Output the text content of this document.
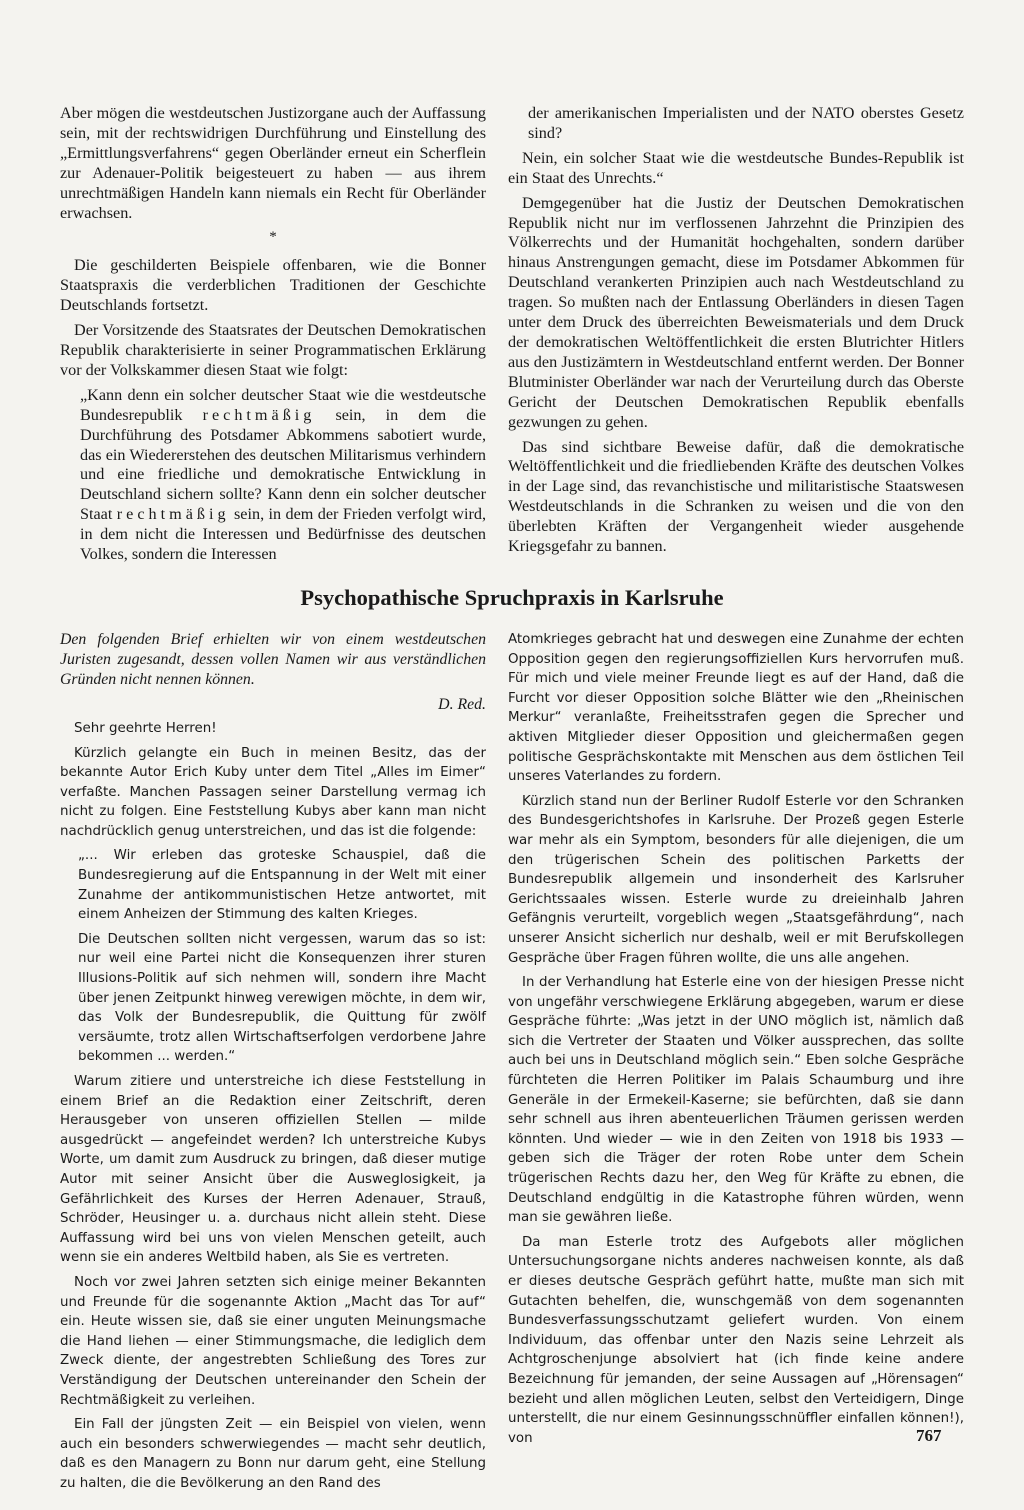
Aber mögen die westdeutschen Justizorgane auch der Auffassung sein, mit der rechtswidrigen Durchführung und Einstellung des „Ermittlungsverfahrens“ gegen Oberländer erneut ein Scherflein zur Adenauer-Politik beigesteuert zu haben — aus ihrem unrechtmäßigen Handeln kann niemals ein Recht für Oberländer erwachsen.

*

Die geschilderten Beispiele offenbaren, wie die Bonner Staatspraxis die verderblichen Traditionen der Geschichte Deutschlands fortsetzt.

Der Vorsitzende des Staatsrates der Deutschen Demokratischen Republik charakterisierte in seiner Programmatischen Erklärung vor der Volkskammer diesen Staat wie folgt:

„Kann denn ein solcher deutscher Staat wie die westdeutsche Bundesrepublik rechtmäßig sein, in dem die Durchführung des Potsdamer Abkommens sabotiert wurde, das ein Wiedererstehen des deutschen Militarismus verhindern und eine friedliche und demokratische Entwicklung in Deutschland sichern sollte? Kann denn ein solcher deutscher Staat rechtmäßig sein, in dem der Frieden verfolgt wird, in dem nicht die Interessen und Bedürfnisse des deutschen Volkes, sondern die Interessen

der amerikanischen Imperialisten und der NATO oberstes Gesetz sind?

Nein, ein solcher Staat wie die westdeutsche Bundes-Republik ist ein Staat des Unrechts.“

Demgegenüber hat die Justiz der Deutschen Demokratischen Republik nicht nur im verflossenen Jahrzehnt die Prinzipien des Völkerrechts und der Humanität hochgehalten, sondern darüber hinaus Anstrengungen gemacht, diese im Potsdamer Abkommen für Deutschland verankerten Prinzipien auch nach Westdeutschland zu tragen. So mußten nach der Entlassung Oberländers in diesen Tagen unter dem Druck des überreichten Beweismaterials und dem Druck der demokratischen Weltöffentlichkeit die ersten Blutrichter Hitlers aus den Justizämtern in Westdeutschland entfernt werden. Der Bonner Blutminister Oberländer war nach der Verurteilung durch das Oberste Gericht der Deutschen Demokratischen Republik ebenfalls gezwungen zu gehen.

Das sind sichtbare Beweise dafür, daß die demokratische Weltöffentlichkeit und die friedliebenden Kräfte des deutschen Volkes in der Lage sind, das revanchistische und militaristische Staatswesen Westdeutschlands in die Schranken zu weisen und die von den überlebten Kräften der Vergangenheit wieder ausgehende Kriegsgefahr zu bannen.

Psychopathische Spruchpraxis in Karlsruhe

Den folgenden Brief erhielten wir von einem westdeutschen Juristen zugesandt, dessen vollen Namen wir aus verständlichen Gründen nicht nennen können.

D. Red.

Sehr geehrte Herren!

Kürzlich gelangte ein Buch in meinen Besitz, das der bekannte Autor Erich Kuby unter dem Titel „Alles im Eimer“ verfaßte. Manchen Passagen seiner Darstellung vermag ich nicht zu folgen. Eine Feststellung Kubys aber kann man nicht nachdrücklich genug unterstreichen, und das ist die folgende:

„... Wir erleben das groteske Schauspiel, daß die Bundesregierung auf die Entspannung in der Welt mit einer Zunahme der antikommunistischen Hetze antwortet, mit einem Anheizen der Stimmung des kalten Krieges.

Die Deutschen sollten nicht vergessen, warum das so ist: nur weil eine Partei nicht die Konsequenzen ihrer sturen Illusions-Politik auf sich nehmen will, sondern ihre Macht über jenen Zeitpunkt hinweg verewigen möchte, in dem wir, das Volk der Bundesrepublik, die Quittung für zwölf versäumte, trotz allen Wirtschaftserfolgen verdorbene Jahre bekommen ... werden.“

Warum zitiere und unterstreiche ich diese Feststellung in einem Brief an die Redaktion einer Zeitschrift, deren Herausgeber von unseren offiziellen Stellen — milde ausgedrückt — angefeindet werden? Ich unterstreiche Kubys Worte, um damit zum Ausdruck zu bringen, daß dieser mutige Autor mit seiner Ansicht über die Ausweglosigkeit, ja Gefährlichkeit des Kurses der Herren Adenauer, Strauß, Schröder, Heusinger u. a. durchaus nicht allein steht. Diese Auffassung wird bei uns von vielen Menschen geteilt, auch wenn sie ein anderes Weltbild haben, als Sie es vertreten.

Noch vor zwei Jahren setzten sich einige meiner Bekannten und Freunde für die sogenannte Aktion „Macht das Tor auf“ ein. Heute wissen sie, daß sie einer unguten Meinungsmache die Hand liehen — einer Stimmungsmache, die lediglich dem Zweck diente, der angestrebten Schließung des Tores zur Verständigung der Deutschen untereinander den Schein der Rechtmäßigkeit zu verleihen.

Ein Fall der jüngsten Zeit — ein Beispiel von vielen, wenn auch ein besonders schwerwiegendes — macht sehr deutlich, daß es den Managern zu Bonn nur darum geht, eine Stellung zu halten, die die Bevölkerung an den Rand des

Atomkrieges gebracht hat und deswegen eine Zunahme der echten Opposition gegen den regierungsoffiziellen Kurs hervorrufen muß. Für mich und viele meiner Freunde liegt es auf der Hand, daß die Furcht vor dieser Opposition solche Blätter wie den „Rheinischen Merkur“ veranlaßte, Freiheitsstrafen gegen die Sprecher und aktiven Mitglieder dieser Opposition und gleichermaßen gegen politische Gesprächskontakte mit Menschen aus dem östlichen Teil unseres Vaterlandes zu fordern.

Kürzlich stand nun der Berliner Rudolf Esterle vor den Schranken des Bundesgerichtshofes in Karlsruhe. Der Prozeß gegen Esterle war mehr als ein Symptom, besonders für alle diejenigen, die um den trügerischen Schein des politischen Parketts der Bundesrepublik allgemein und insonderheit des Karlsruher Gerichtssaales wissen. Esterle wurde zu dreieinhalb Jahren Gefängnis verurteilt, vorgeblich wegen „Staatsgefährdung“, nach unserer Ansicht sicherlich nur deshalb, weil er mit Berufskollegen Gespräche über Fragen führen wollte, die uns alle angehen.

In der Verhandlung hat Esterle eine von der hiesigen Presse nicht von ungefähr verschwiegene Erklärung abgegeben, warum er diese Gespräche führte: „Was jetzt in der UNO möglich ist, nämlich daß sich die Vertreter der Staaten und Völker aussprechen, das sollte auch bei uns in Deutschland möglich sein.“ Eben solche Gespräche fürchteten die Herren Politiker im Palais Schaumburg und ihre Generäle in der Ermekeil-Kaserne; sie befürchten, daß sie dann sehr schnell aus ihren abenteuerlichen Träumen gerissen werden könnten. Und wieder — wie in den Zeiten von 1918 bis 1933 — geben sich die Träger der roten Robe unter dem Schein trügerischen Rechts dazu her, den Weg für Kräfte zu ebnen, die Deutschland endgültig in die Katastrophe führen würden, wenn man sie gewähren ließe.

Da man Esterle trotz des Aufgebots aller möglichen Untersuchungsorgane nichts anderes nachweisen konnte, als daß er dieses deutsche Gespräch geführt hatte, mußte man sich mit Gutachten behelfen, die, wunschgemäß von dem sogenannten Bundesverfassungsschutzamt geliefert wurden. Von einem Individuum, das offenbar unter den Nazis seine Lehrzeit als Achtgroschenjunge absolviert hat (ich finde keine andere Bezeichnung für jemanden, der seine Aussagen auf „Hörensagen“ bezieht und allen möglichen Leuten, selbst den Verteidigern, Dinge unterstellt, die nur einem Gesinnungsschnüffler einfallen können!), von	767
